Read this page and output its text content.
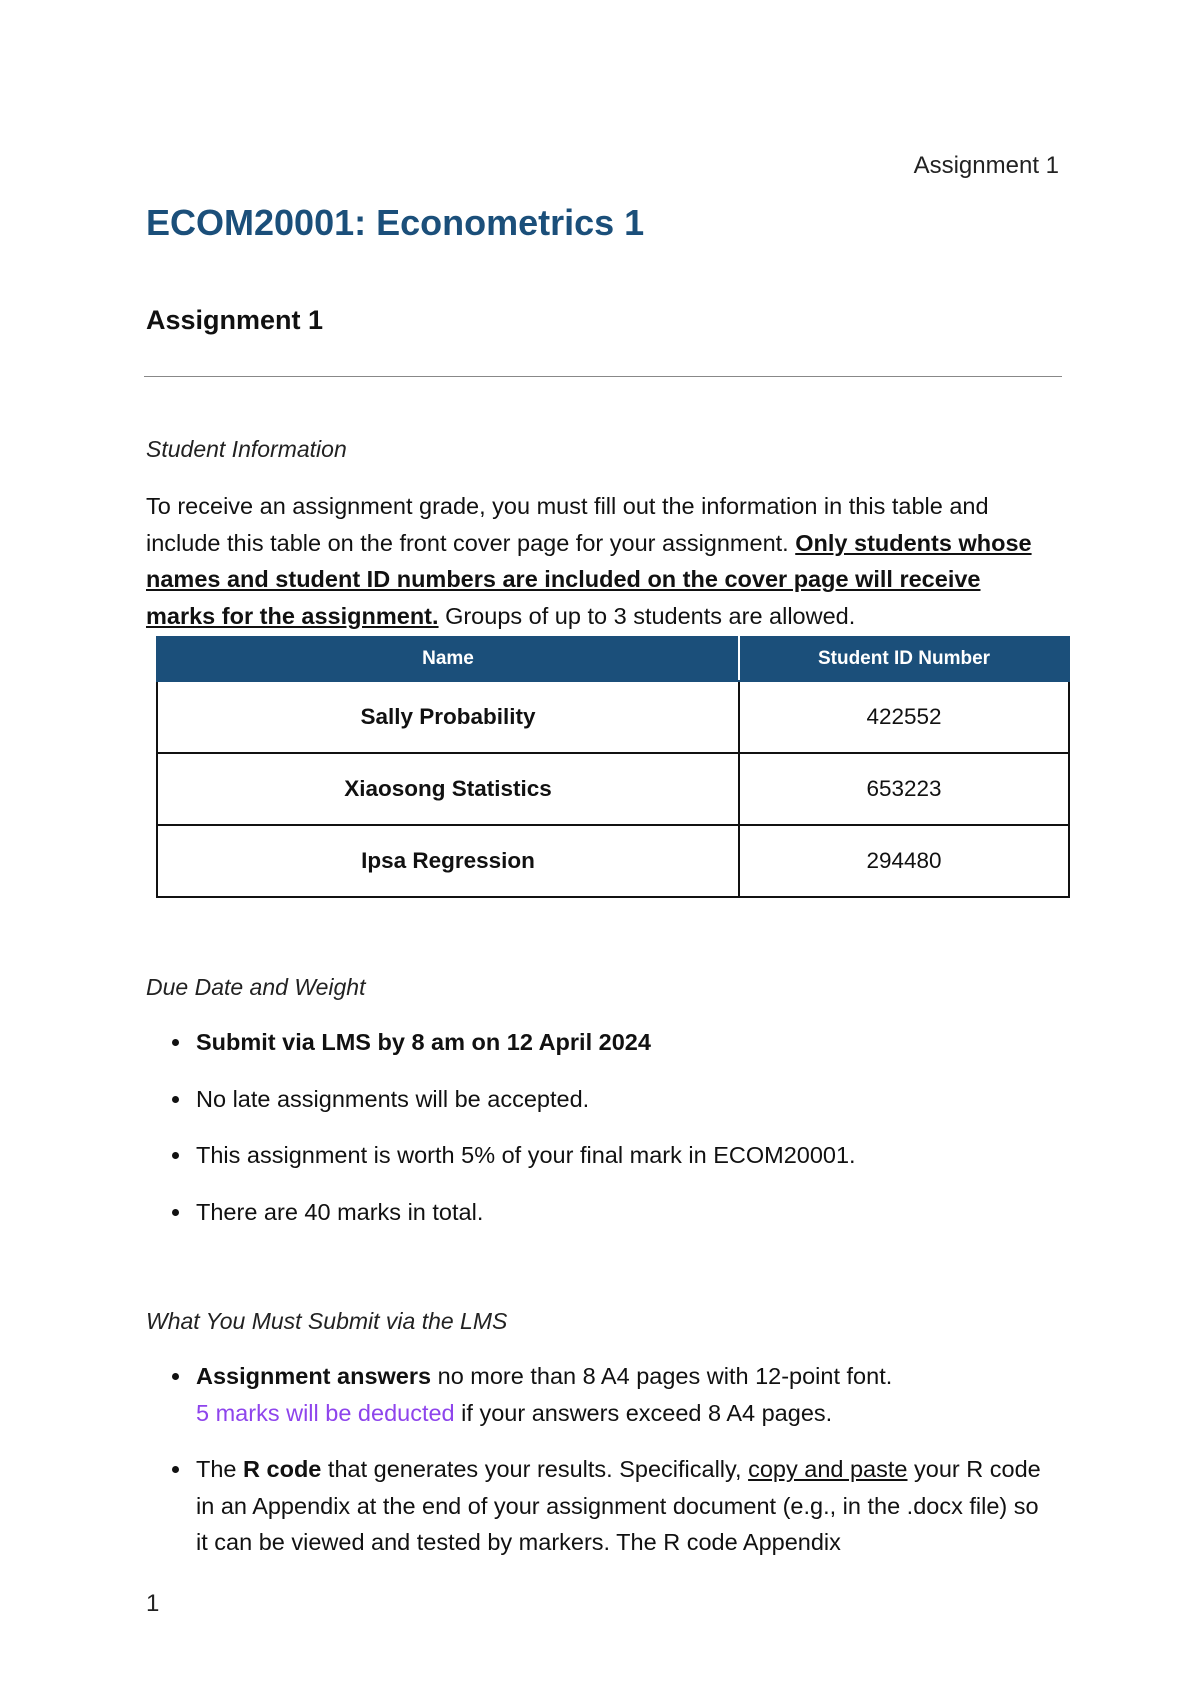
Assignment 1
ECOM20001: Econometrics 1
Assignment 1
Student Information
To receive an assignment grade, you must fill out the information in this table and include this table on the front cover page for your assignment. Only students whose names and student ID numbers are included on the cover page will receive marks for the assignment. Groups of up to 3 students are allowed.
Name	Student ID Number
Sally Probability	422552
Xiaosong Statistics	653223
Ipsa Regression	294480
Due Date and Weight
Submit via LMS by 8 am on 12 April 2024
No late assignments will be accepted.
This assignment is worth 5% of your final mark in ECOM20001.
There are 40 marks in total.
What You Must Submit via the LMS
Assignment answers no more than 8 A4 pages with 12-point font.
5 marks will be deducted if your answers exceed 8 A4 pages.
The R code that generates your results. Specifically, copy and paste your R code in an Appendix at the end of your assignment document (e.g., in the .docx file) so it can be viewed and tested by markers. The R code Appendix
1
